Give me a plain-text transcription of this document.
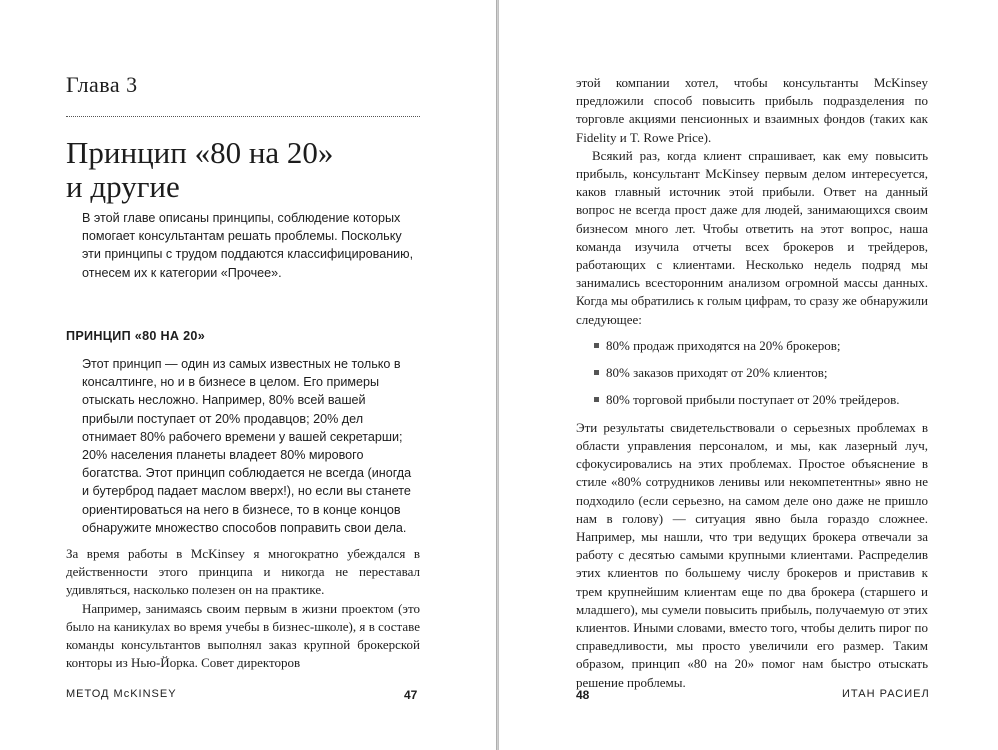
Глава 3
Принцип «80 на 20»
и другие

В этой главе описаны принципы, соблюдение которых помогает консультантам решать проблемы. Поскольку эти принципы с трудом поддаются классифицированию, отнесем их к категории «Прочее».

ПРИНЦИП «80 НА 20»

Этот принцип — один из самых известных не только в консалтинге, но и в бизнесе в целом. Его примеры отыскать несложно. Например, 80% всей вашей прибыли поступает от 20% продавцов; 20% дел отнимает 80% рабочего времени у вашей секретарши; 20% населения планеты владеет 80% мирового богатства. Этот принцип соблюдается не всегда (иногда и бутерброд падает маслом вверх!), но если вы станете ориентироваться на него в бизнесе, то в конце концов обнаружите множество способов поправить свои дела.

За время работы в McKinsey я многократно убеждался в действенности этого принципа и никогда не переставал удивляться, насколько полезен он на практике.

Например, занимаясь своим первым в жизни проектом (это было на каникулах во время учебы в бизнес-школе), я в составе команды консультантов выполнял заказ крупной брокерской конторы из Нью-Йорка. Совет директоров

МЕТОД McKINSEY	47

этой компании хотел, чтобы консультанты McKinsey предложили способ повысить прибыль подразделения по торговле акциями пенсионных и взаимных фондов (таких как Fidelity и T. Rowe Price).

Всякий раз, когда клиент спрашивает, как ему повысить прибыль, консультант McKinsey первым делом интересуется, каков главный источник этой прибыли. Ответ на данный вопрос не всегда прост даже для людей, занимающихся своим бизнесом много лет. Чтобы ответить на этот вопрос, наша команда изучила отчеты всех брокеров и трейдеров, работающих с клиентами. Несколько недель подряд мы занимались всесторонним анализом огромной массы данных. Когда мы обратились к голым цифрам, то сразу же обнаружили следующее:

80% продаж приходятся на 20% брокеров;
80% заказов приходят от 20% клиентов;
80% торговой прибыли поступает от 20% трейдеров.

Эти результаты свидетельствовали о серьезных проблемах в области управления персоналом, и мы, как лазерный луч, сфокусировались на этих проблемах. Простое объяснение в стиле «80% сотрудников ленивы или некомпетентны» явно не подходило (если серьезно, на самом деле оно даже не пришло нам в голову) — ситуация явно была гораздо сложнее. Например, мы нашли, что три ведущих брокера отвечали за работу с десятью самыми крупными клиентами. Распределив этих клиентов по большему числу брокеров и приставив к трем крупнейшим клиентам еще по два брокера (старшего и младшего), мы сумели повысить прибыль, получаемую от этих клиентов. Иными словами, вместо того, чтобы делить пирог по справедливости, мы просто увеличили его размер. Таким образом, принцип «80 на 20» помог нам быстро отыскать решение проблемы.

48	ИТАН РАСИЕЛ
